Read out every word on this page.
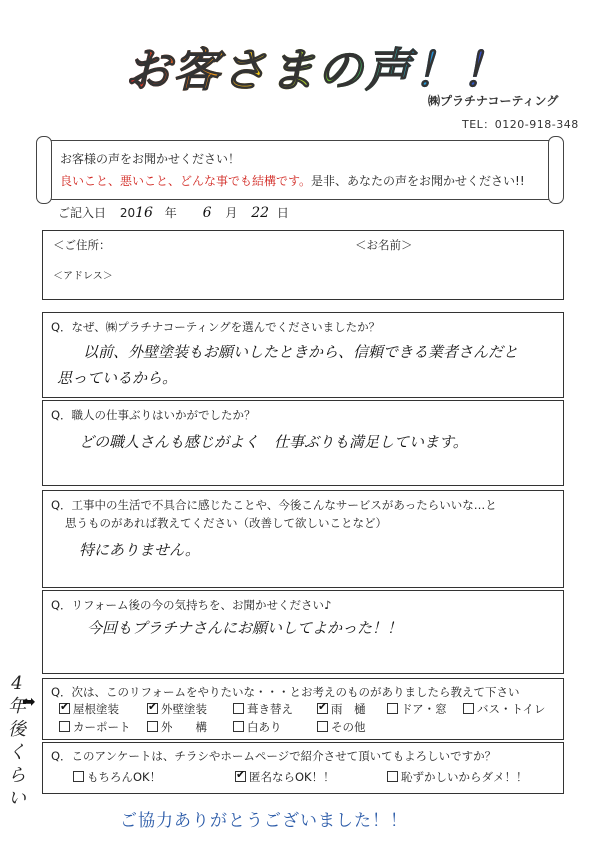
お客さまの声！！
㈱プラチナコーティング
TEL：0120-918-348
お客様の声をお聞かせください！
良いこと、悪いこと、どんな事でも結構です。是非、あなたの声をお聞かせください!!
ご記入日 2016 年 6 月 22 日
＜ご住所：	＜お名前＞
＜アドレス＞
Q．なぜ、㈱プラチナコーティングを選んでくださいましたか？
以前、外壁塗装もお願いしたときから、信頼できる業者さんだと
思っているから。
Q．職人の仕事ぶりはいかがでしたか？
どの職人さんも感じがよく　仕事ぶりも満足しています。
Q．工事中の生活で不具合に感じたことや、今後こんなサービスがあったらいいな…と
思うものがあれば教えてください（改善して欲しいことなど）
特にありません。
Q．リフォーム後の今の気持ちを、お聞かせください♪
今回もプラチナさんにお願いしてよかった！！
4年後くらい
➡ Q．次は、このリフォームをやりたいな・・・とお考えのものがありましたら教えて下さい
✔屋根塗装 ✔	外壁塗装	葺き替え ✔	雨　樋	ドア・窓	バス・トイレ
カーポート	外　　構	白あり	その他
Q．このアンケートは、チラシやホームページで紹介させて頂いてもよろしいですか？
もちろんOK！ ✔	匿名ならOK！！	恥ずかしいからダメ！！
ご協力ありがとうございました！！
